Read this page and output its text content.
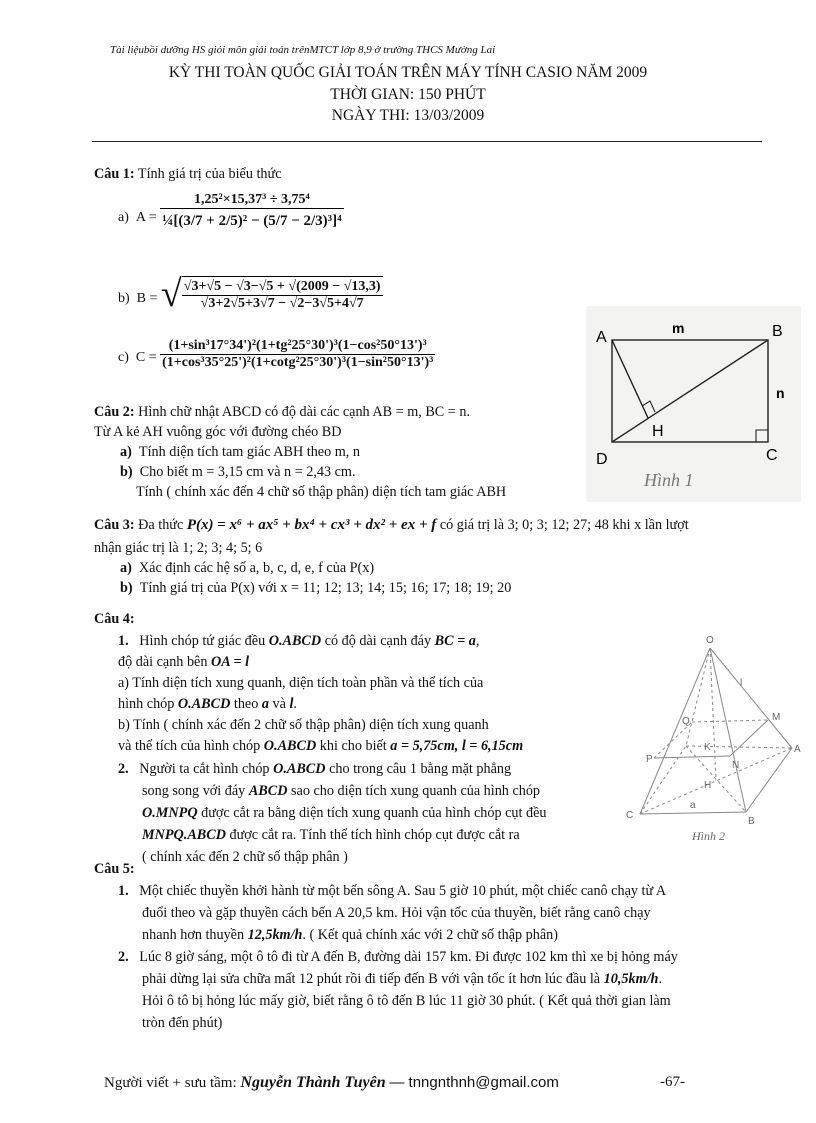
Tài liệubồi dưỡng HS giỏi môn giải toán trênMTCT lớp 8,9 ở trường THCS Mường Lai
KỲ THI TOÀN QUỐC GIẢI TOÁN TRÊN MÁY TÍNH CASIO NĂM 2009
THỜI GIAN: 150 PHÚT
NGÀY THI: 13/03/2009
Câu 1: Tính giá trị của biểu thức
a) $A = \frac{\text{1,25²×15,37³ ÷ 3,75⁴}}{\text{¼[(3/7 + 2/5)² − (5/7 − 2/3)³]⁴}}$
b) B = √ $\frac{√3+√5 - √3-√5 + √(2009 - √13,3)}{√3+2√5+3√7 - √2-3√5+4√7}$
c) $C = \frac{\text{(1+sin³17°34')²(1+tg²25°30')³(1−cos²50°13')³}}{\text{(1+cos³35°25')²(1+cotg²25°30')³(1−sin²50°13')³}}$
A	B
C
D
H
m
n
Hình 1
Câu 2: Hình chữ nhật ABCD có độ dài các cạnh AB = m, BC = n.
Từ A kẻ AH vuông góc với đường chéo BD
a) Tính diện tích tam giác ABH theo m, n
b) Cho biết m = 3,15 cm và n = 2,43 cm.
Tính ( chính xác đến 4 chữ số thập phân) diện tích tam giác ABH
Câu 3: Đa thức P(x) = x⁶ + ax⁵ + bx⁴ + cx³ + dx² + ex + f có giá trị là 3; 0; 3; 12; 27; 48 khi x lần lượt
nhận giác trị là 1; 2; 3; 4; 5; 6
a) Xác định các hệ số a, b, c, d, e, f của P(x)
b) Tính giá trị của P(x) với x = 11; 12; 13; 14; 15; 16; 17; 18; 19; 20
Câu 4:
1. Hình chóp tứ giác đều O.ABCD có độ dài cạnh đáy BC = a,
độ dài cạnh bên OA = l
a) Tính diện tích xung quanh, diện tích toàn phần và thể tích của
hình chóp O.ABCD theo a và l.
b) Tính ( chính xác đến 2 chữ số thập phân) diện tích xung quanh
và thể tích của hình chóp O.ABCD khi cho biết a = 5,75cm, l = 6,15cm
2. Người ta cắt hình chóp O.ABCD cho trong câu 1 bằng mặt phẳng
song song với đáy ABCD sao cho diện tích xung quanh của hình chóp
O.MNPQ được cắt ra bằng diện tích xung quanh của hình chóp cụt đều
MNPQ.ABCD được cắt ra. Tính thể tích hình chóp cụt được cắt ra
( chính xác đến 2 chữ số thập phân )
O
A
B
C
M
N
P
Q
H
K
a
l
Hình 2
Câu 5:
1. Một chiếc thuyền khởi hành từ một bến sông A. Sau 5 giờ 10 phút, một chiếc canô chạy từ A
đuổi theo và gặp thuyền cách bến A 20,5 km. Hỏi vận tốc của thuyền, biết rằng canô chạy
nhanh hơn thuyền 12,5km/h. ( Kết quả chính xác với 2 chữ số thập phân)
2. Lúc 8 giờ sáng, một ô tô đi từ A đến B, đường dài 157 km. Đi được 102 km thì xe bị hỏng máy
phải dừng lại sửa chữa mất 12 phút rồi đi tiếp đến B với vận tốc ít hơn lúc đầu là 10,5km/h.
Hỏi ô tô bị hỏng lúc mấy giờ, biết rằng ô tô đến B lúc 11 giờ 30 phút. ( Kết quả thời gian làm
tròn đến phút)
Người viết + sưu tầm: Nguyễn Thành Tuyên — tnngnthnh@gmail.com	-67-
